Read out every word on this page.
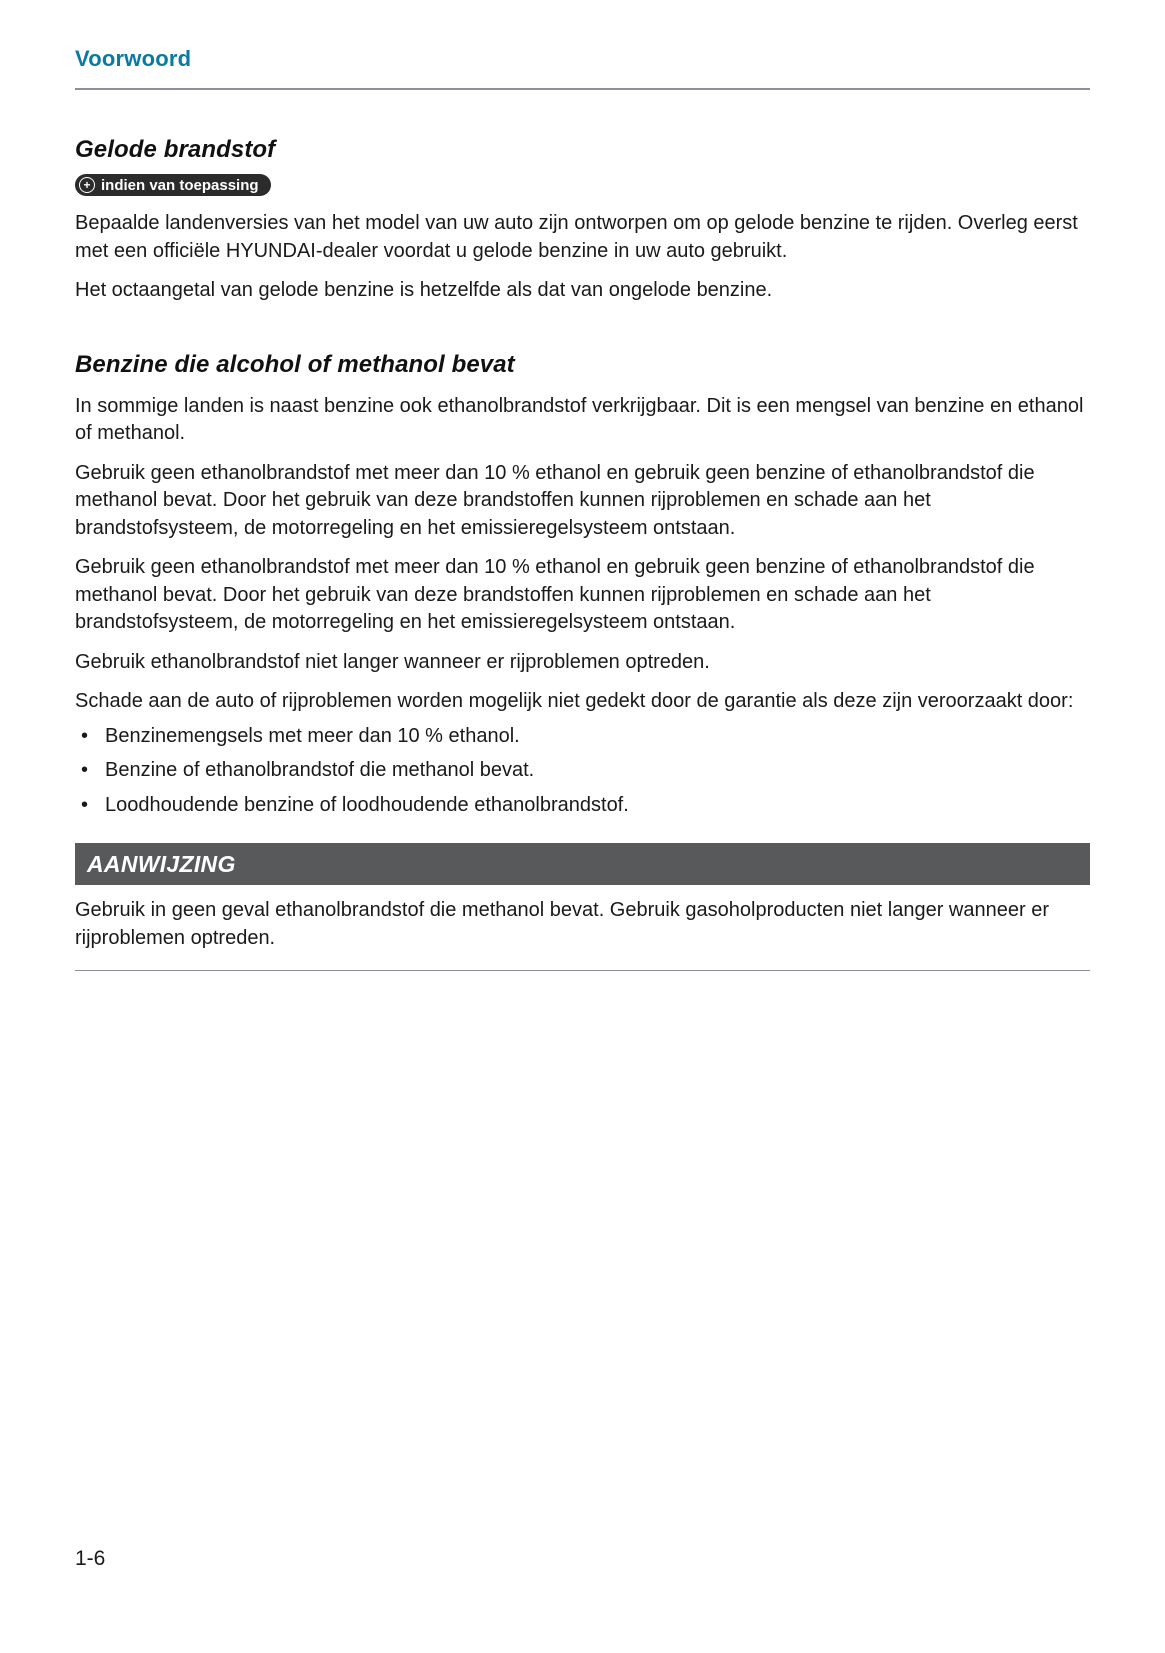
Voorwoord
Gelode brandstof
+ indien van toepassing

Bepaalde landenversies van het model van uw auto zijn ontworpen om op gelode benzine te rijden. Overleg eerst met een officiële HYUNDAI-dealer voordat u gelode benzine in uw auto gebruikt.

Het octaangetal van gelode benzine is hetzelfde als dat van ongelode benzine.

Benzine die alcohol of methanol bevat

In sommige landen is naast benzine ook ethanolbrandstof verkrijgbaar. Dit is een mengsel van benzine en ethanol of methanol.

Gebruik geen ethanolbrandstof met meer dan 10 % ethanol en gebruik geen benzine of ethanolbrandstof die methanol bevat. Door het gebruik van deze brandstoffen kunnen rijproblemen en schade aan het brandstofsysteem, de motorregeling en het emissieregelsysteem ontstaan.

Gebruik geen ethanolbrandstof met meer dan 10 % ethanol en gebruik geen benzine of ethanolbrandstof die methanol bevat. Door het gebruik van deze brandstoffen kunnen rijproblemen en schade aan het brandstofsysteem, de motorregeling en het emissieregelsysteem ontstaan.

Gebruik ethanolbrandstof niet langer wanneer er rijproblemen optreden.

Schade aan de auto of rijproblemen worden mogelijk niet gedekt door de garantie als deze zijn veroorzaakt door:

• Benzinemengsels met meer dan 10 % ethanol.
• Benzine of ethanolbrandstof die methanol bevat.
• Loodhoudende benzine of loodhoudende ethanolbrandstof.
AANWIJZING

Gebruik in geen geval ethanolbrandstof die methanol bevat. Gebruik gasoholproducten niet langer wanneer er rijproblemen optreden.

1-6
